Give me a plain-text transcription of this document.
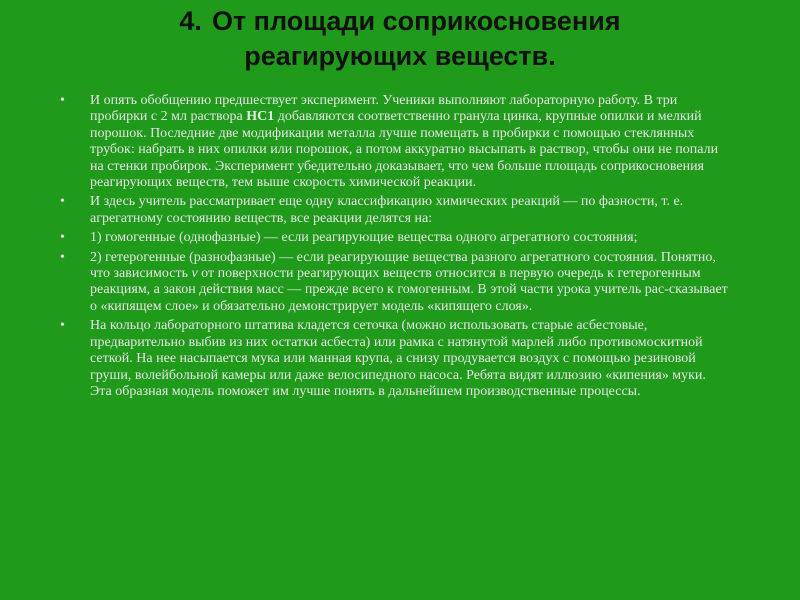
4. От площади соприкосновения
реагирующих веществ.
•	И опять обобщению предшествует эксперимент. Ученики выполняют лабораторную работу. В три пробирки с 2 мл раствора НС1 добавляются соответственно гранула цинка, крупные опилки и мелкий порошок. Последние две модификации металла лучше помещать в пробирки с помощью стеклянных трубок: набрать в них опилки или порошок, а потом аккуратно высыпать в раствор, чтобы они не попали на стенки пробирок. Эксперимент убедительно доказывает, что чем больше площадь соприкосновения реагирующих веществ, тем выше скорость химической реакции.
•	И здесь учитель рассматривает еще одну классификацию химических реакций — по фазности, т. е. агрегатному состоянию веществ, все реакции делятся на:
•	1) гомогенные (однофазные) — если реагирующие вещества одного агрегатного состояния;
•	2) гетерогенные (разнофазные) — если реагирующие вещества разного агрегатного состояния. Понятно, что зависимость v от поверхности реагирующих веществ относится в первую очередь к гетерогенным реакциям, а закон действия масс — прежде всего к гомогенным. В этой части урока учитель рас-сказывает о «кипящем слое» и обязательно демонстрирует модель «кипящего слоя».
•	На кольцо лабораторного штатива кладется сеточка (можно использовать старые асбестовые, предварительно выбив из них остатки асбеста) или рамка с натянутой марлей либо противомоскитной сеткой. На нее насыпается мука или манная крупа, а снизу продувается воздух с помощью резиновой груши, волейбольной камеры или даже велосипедного насоса. Ребята видят иллюзию «кипения» муки. Эта образная модель поможет им лучше понять в дальнейшем производственные процессы.
